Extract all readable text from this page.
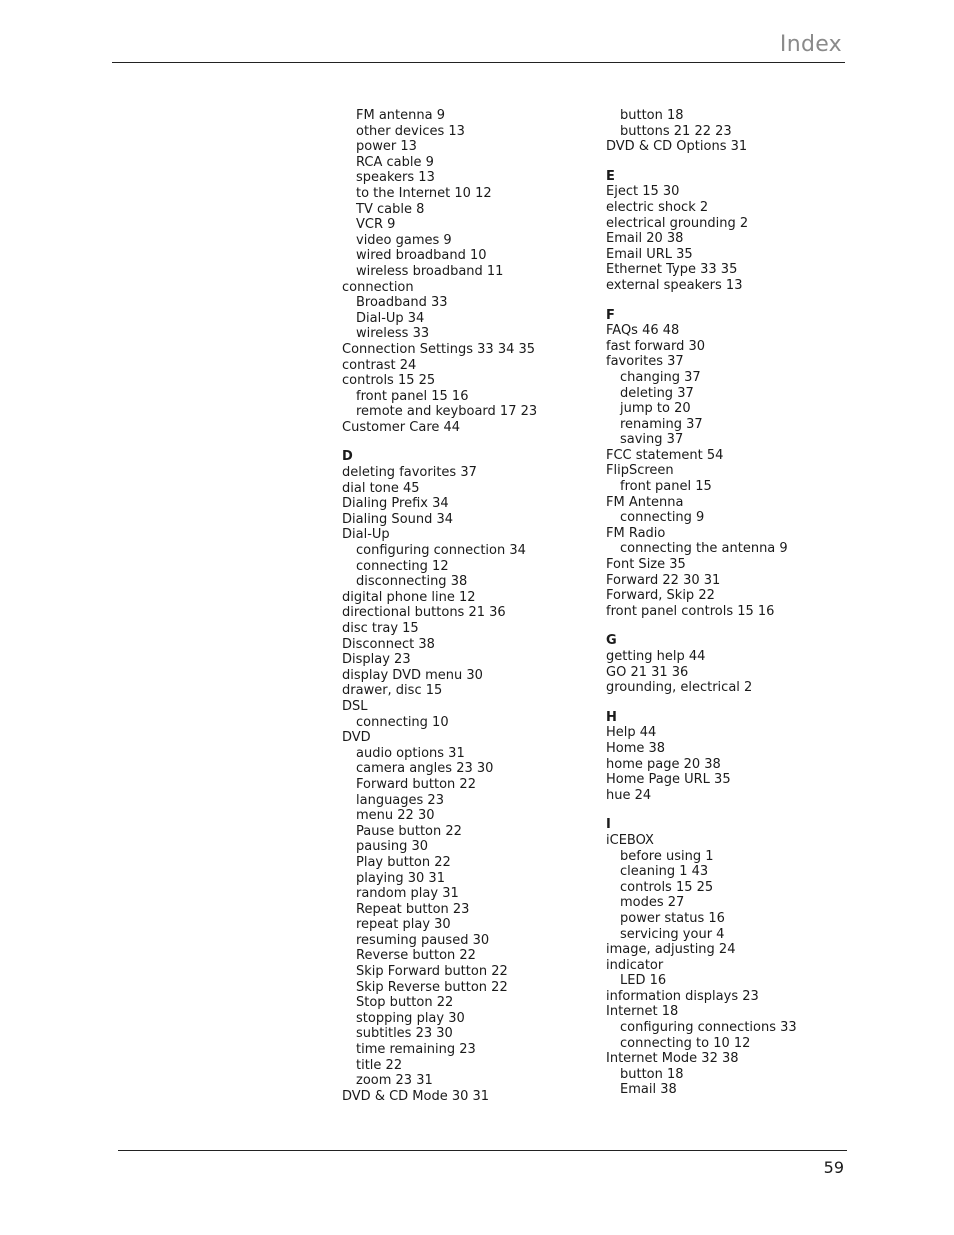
Index
FM antenna 9
other devices 13
power 13
RCA cable 9
speakers 13
to the Internet 10 12
TV cable 8
VCR 9
video games 9
wired broadband 10
wireless broadband 11
connection
Broadband 33
Dial-Up 34
wireless 33
Connection Settings 33 34 35
contrast 24
controls 15 25
front panel 15 16
remote and keyboard 17 23
Customer Care 44
D
deleting favorites 37
dial tone 45
Dialing Prefix 34
Dialing Sound 34
Dial-Up
configuring connection 34
connecting 12
disconnecting 38
digital phone line 12
directional buttons 21 36
disc tray 15
Disconnect 38
Display 23
display DVD menu 30
drawer, disc 15
DSL
connecting 10
DVD
audio options 31
camera angles 23 30
Forward button 22
languages 23
menu 22 30
Pause button 22
pausing 30
Play button 22
playing 30 31
random play 31
Repeat button 23
repeat play 30
resuming paused 30
Reverse button 22
Skip Forward button 22
Skip Reverse button 22
Stop button 22
stopping play 30
subtitles 23 30
time remaining 23
title 22
zoom 23 31
DVD & CD Mode 30 31
button 18
buttons 21 22 23
DVD & CD Options 31
E
Eject 15 30
electric shock 2
electrical grounding 2
Email 20 38
Email URL 35
Ethernet Type 33 35
external speakers 13
F
FAQs 46 48
fast forward 30
favorites 37
changing 37
deleting 37
jump to 20
renaming 37
saving 37
FCC statement 54
FlipScreen
front panel 15
FM Antenna
connecting 9
FM Radio
connecting the antenna 9
Font Size 35
Forward 22 30 31
Forward, Skip 22
front panel controls 15 16
G
getting help 44
GO 21 31 36
grounding, electrical 2
H
Help 44
Home 38
home page 20 38
Home Page URL 35
hue 24
I
iCEBOX
before using 1
cleaning 1 43
controls 15 25
modes 27
power status 16
servicing your 4
image, adjusting 24
indicator
LED 16
information displays 23
Internet 18
configuring connections 33
connecting to 10 12
Internet Mode 32 38
button 18
Email 38
59
